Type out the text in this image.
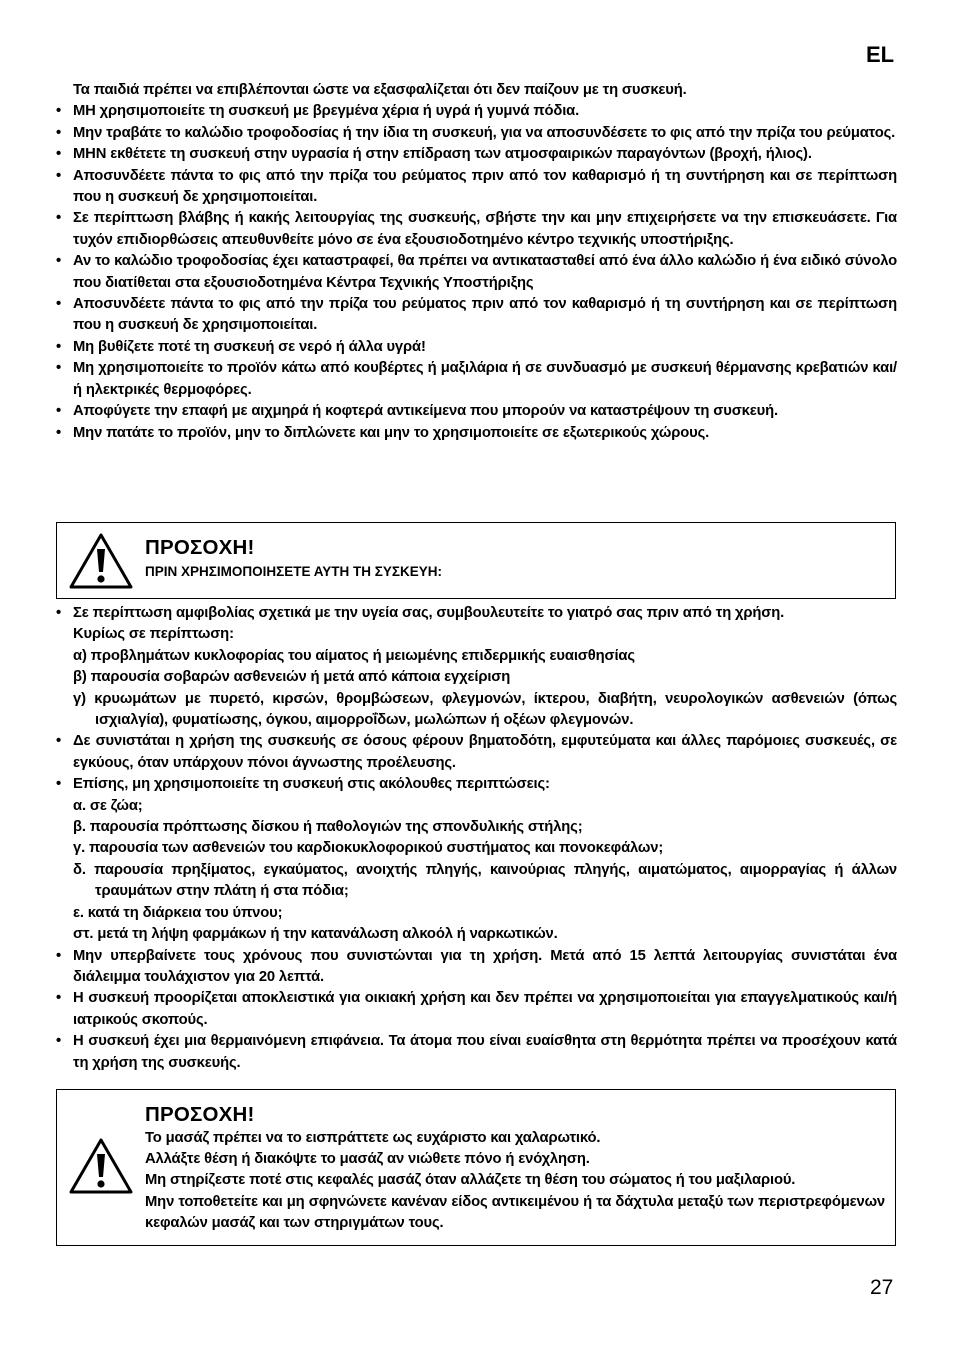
EL

Τα παιδιά πρέπει να επιβλέπονται ώστε να εξασφαλίζεται ότι δεν παίζουν με τη συσκευή.

• ΜΗ χρησιμοποιείτε τη συσκευή με βρεγμένα χέρια ή υγρά ή γυμνά πόδια.

• Μην τραβάτε το καλώδιο τροφοδοσίας ή την ίδια τη συσκευή, για να αποσυνδέσετε το φις από την πρίζα του ρεύματος.

• ΜΗΝ εκθέτετε τη συσκευή στην υγρασία ή στην επίδραση των ατμοσφαιρικών παραγόντων (βροχή, ήλιος).

• Αποσυνδέετε πάντα το φις από την πρίζα του ρεύματος πριν από τον καθαρισμό ή τη συντήρηση και σε περίπτωση που η συσκευή δε χρησιμοποιείται.

• Σε περίπτωση βλάβης ή κακής λειτουργίας της συσκευής, σβήστε την και μην επιχειρήσετε να την επισκευάσετε. Για τυχόν επιδιορθώσεις απευθυνθείτε μόνο σε ένα εξουσιοδοτημένο κέντρο τεχνικής υποστήριξης.

• Αν το καλώδιο τροφοδοσίας έχει καταστραφεί, θα πρέπει να αντικατασταθεί από ένα άλλο καλώδιο ή ένα ειδικό σύνολο που διατίθεται στα εξουσιοδοτημένα Κέντρα Τεχνικής Υποστήριξης

• Αποσυνδέετε πάντα το φις από την πρίζα του ρεύματος πριν από τον καθαρισμό ή τη συντήρηση και σε περίπτωση που η συσκευή δε χρησιμοποιείται.

• Μη βυθίζετε ποτέ τη συσκευή σε νερό ή άλλα υγρά!

• Μη χρησιμοποιείτε το προϊόν κάτω από κουβέρτες ή μαξιλάρια ή σε συνδυασμό με συσκευή θέρμανσης κρεβατιών και/ή ηλεκτρικές θερμοφόρες.

• Αποφύγετε την επαφή με αιχμηρά ή κοφτερά αντικείμενα που μπορούν να καταστρέψουν τη συσκευή.

• Μην πατάτε το προϊόν, μην το διπλώνετε και μην το χρησιμοποιείτε σε εξωτερικούς χώρους.

ΠΡΟΣΟΧΗ!
ΠΡΙΝ ΧΡΗΣΙΜΟΠΟΙΗΣΕΤΕ ΑΥΤΗ ΤΗ ΣΥΣΚΕΥΗ:

• Σε περίπτωση αμφιβολίας σχετικά με την υγεία σας, συμβουλευτείτε το γιατρό σας πριν από τη χρήση.

Κυρίως σε περίπτωση:

α) προβλημάτων κυκλοφορίας του αίματος ή μειωμένης επιδερμικής ευαισθησίας

β) παρουσία σοβαρών ασθενειών ή μετά από κάποια εγχείριση

γ) κρυωμάτων με πυρετό, κιρσών, θρομβώσεων, φλεγμονών, ίκτερου, διαβήτη, νευρολογικών ασθενειών (όπως ισχιαλγία), φυματίωσης, όγκου, αιμορροΐδων, μωλώπων ή οξέων φλεγμονών.

• Δε συνιστάται η χρήση της συσκευής σε όσους φέρουν βηματοδότη, εμφυτεύματα και άλλες παρόμοιες συσκευές, σε εγκύους, όταν υπάρχουν πόνοι άγνωστης προέλευσης.

• Επίσης, μη χρησιμοποιείτε τη συσκευή στις ακόλουθες περιπτώσεις:

α. σε ζώα;

β. παρουσία πρόπτωσης δίσκου ή παθολογιών της σπονδυλικής στήλης;

γ. παρουσία των ασθενειών του καρδιοκυκλοφορικού συστήματος και πονοκεφάλων;

δ. παρουσία πρηξίματος, εγκαύματος, ανοιχτής πληγής, καινούριας πληγής, αιματώματος, αιμορραγίας ή άλλων τραυμάτων στην πλάτη ή στα πόδια;

ε. κατά τη διάρκεια του ύπνου;

στ. μετά τη λήψη φαρμάκων ή την κατανάλωση αλκοόλ ή ναρκωτικών.

• Μην υπερβαίνετε τους χρόνους που συνιστώνται για τη χρήση. Μετά από 15 λεπτά λειτουργίας συνιστάται ένα διάλειμμα τουλάχιστον για 20 λεπτά.

• Η συσκευή προορίζεται αποκλειστικά για οικιακή χρήση και δεν πρέπει να χρησιμοποιείται για επαγγελματικούς και/ή ιατρικούς σκοπούς.

• Η συσκευή έχει μια θερμαινόμενη επιφάνεια. Τα άτομα που είναι ευαίσθητα στη θερμότητα πρέπει να προσέχουν κατά τη χρήση της συσκευής.

ΠΡΟΣΟΧΗ!

Το μασάζ πρέπει να το εισπράττετε ως ευχάριστο και χαλαρωτικό.

Αλλάξτε θέση ή διακόψτε το μασάζ αν νιώθετε πόνο ή ενόχληση.

Μη στηρίζεστε ποτέ στις κεφαλές μασάζ όταν αλλάζετε τη θέση του σώματος ή του μαξιλαριού.

Μην τοποθετείτε και μη σφηνώνετε κανέναν είδος αντικειμένου ή τα δάχτυλα μεταξύ των περιστρεφόμενων κεφαλών μασάζ και των στηριγμάτων τους.

27
